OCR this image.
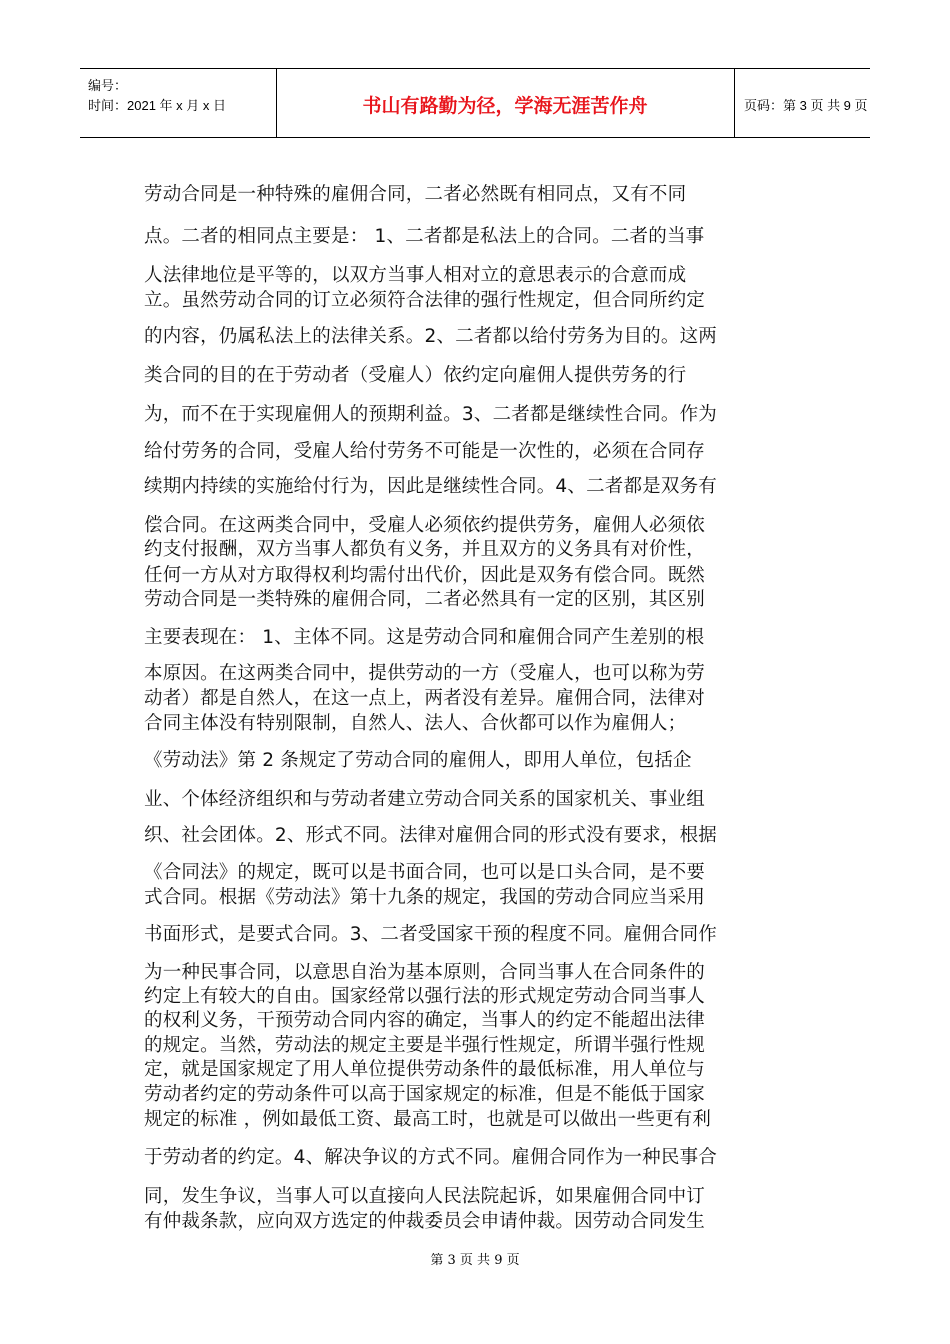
编号：
时间：2021 年 x 月 x 日	书山有路勤为径，学海无涯苦作舟	页码：第 3 页 共 9 页
劳动合同是一种特殊的雇佣合同，二者必然既有相同点，又有不同
点。二者的相同点主要是： 1、二者都是私法上的合同。二者的当事
人法律地位是平等的，以双方当事人相对立的意思表示的合意而成
立。虽然劳动合同的订立必须符合法律的强行性规定，但合同所约定
的内容，仍属私法上的法律关系。2、二者都以给付劳务为目的。这两
类合同的目的在于劳动者（受雇人）依约定向雇佣人提供劳务的行
为，而不在于实现雇佣人的预期利益。3、二者都是继续性合同。作为
给付劳务的合同，受雇人给付劳务不可能是一次性的，必须在合同存
续期内持续的实施给付行为，因此是继续性合同。4、二者都是双务有
偿合同。在这两类合同中，受雇人必须依约提供劳务，雇佣人必须依
约支付报酬，双方当事人都负有义务，并且双方的义务具有对价性，
任何一方从对方取得权利均需付出代价，因此是双务有偿合同。既然
劳动合同是一类特殊的雇佣合同，二者必然具有一定的区别，其区别
主要表现在： 1、主体不同。这是劳动合同和雇佣合同产生差别的根
本原因。在这两类合同中，提供劳动的一方（受雇人，也可以称为劳
动者）都是自然人，在这一点上，两者没有差异。雇佣合同，法律对
合同主体没有特别限制，自然人、法人、合伙都可以作为雇佣人；
《劳动法》第 2 条规定了劳动合同的雇佣人，即用人单位，包括企
业、个体经济组织和与劳动者建立劳动合同关系的国家机关、事业组
织、社会团体。2、形式不同。法律对雇佣合同的形式没有要求，根据
《合同法》的规定，既可以是书面合同，也可以是口头合同，是不要
式合同。根据《劳动法》第十九条的规定，我国的劳动合同应当采用
书面形式，是要式合同。3、二者受国家干预的程度不同。雇佣合同作
为一种民事合同，以意思自治为基本原则，合同当事人在合同条件的
约定上有较大的自由。国家经常以强行法的形式规定劳动合同当事人
的权利义务，干预劳动合同内容的确定，当事人的约定不能超出法律
的规定。当然，劳动法的规定主要是半强行性规定，所谓半强行性规
定，就是国家规定了用人单位提供劳动条件的最低标准，用人单位与
劳动者约定的劳动条件可以高于国家规定的标准，但是不能低于国家
规定的标准 ，例如最低工资、最高工时，也就是可以做出一些更有利
于劳动者的约定。4、解决争议的方式不同。雇佣合同作为一种民事合
同，发生争议，当事人可以直接向人民法院起诉，如果雇佣合同中订
有仲裁条款，应向双方选定的仲裁委员会申请仲裁。因劳动合同发生
第 3 页 共 9 页
